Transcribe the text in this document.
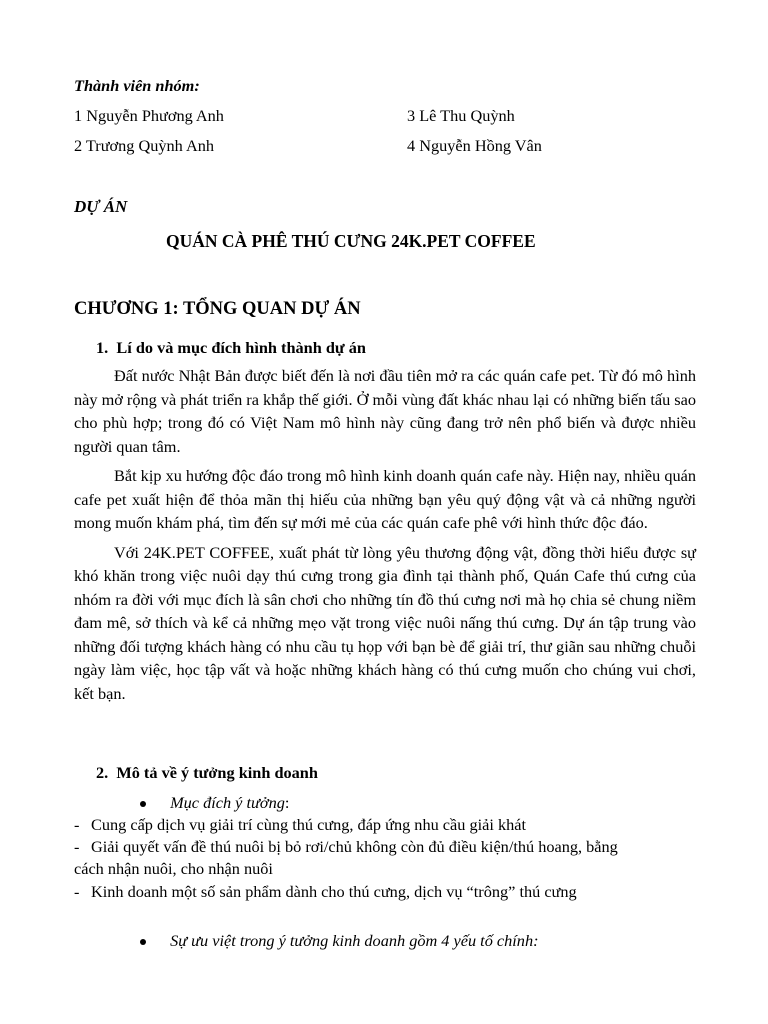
Thành viên nhóm:
1 Nguyễn Phương Anh
2 Trương Quỳnh Anh
3 Lê Thu Quỳnh
4 Nguyễn Hồng Vân
DỰ ÁN
QUÁN CÀ PHÊ THÚ CƯNG 24K.PET COFFEE
CHƯƠNG 1: TỔNG QUAN DỰ ÁN
1. Lí do và mục đích hình thành dự án

Đất nước Nhật Bản được biết đến là nơi đầu tiên mở ra các quán cafe pet. Từ đó mô hình này mở rộng và phát triển ra khắp thế giới. Ở mỗi vùng đất khác nhau lại có những biến tấu sao cho phù hợp; trong đó có Việt Nam mô hình này cũng đang trở nên phổ biến và được nhiều người quan tâm.

Bắt kịp xu hướng độc đáo trong mô hình kinh doanh quán cafe này. Hiện nay, nhiều quán cafe pet xuất hiện để thỏa mãn thị hiếu của những bạn yêu quý động vật và cả những người mong muốn khám phá, tìm đến sự mới mẻ của các quán cafe phê với hình thức độc đáo.

Với 24K.PET COFFEE, xuất phát từ lòng yêu thương động vật, đồng thời hiểu được sự khó khăn trong việc nuôi dạy thú cưng trong gia đình tại thành phố, Quán Cafe thú cưng của nhóm ra đời với mục đích là sân chơi cho những tín đồ thú cưng nơi mà họ chia sẻ chung niềm đam mê, sở thích và kể cả những mẹo vặt trong việc nuôi nấng thú cưng. Dự án tập trung vào những đối tượng khách hàng có nhu cầu tụ họp với bạn bè để giải trí, thư giãn sau những chuỗi ngày làm việc, học tập vất và hoặc những khách hàng có thú cưng muốn cho chúng vui chơi, kết bạn.

2. Mô tả về ý tưởng kinh doanh
Mục đích ý tưởng:
- Cung cấp dịch vụ giải trí cùng thú cưng, đáp ứng nhu cầu giải khát
- Giải quyết vấn đề thú nuôi bị bỏ rơi/chủ không còn đủ điều kiện/thú hoang, bằng
cách nhận nuôi, cho nhận nuôi
- Kinh doanh một số sản phẩm dành cho thú cưng, dịch vụ “trông” thú cưng
Sự ưu việt trong ý tưởng kinh doanh gồm 4 yếu tố chính:
